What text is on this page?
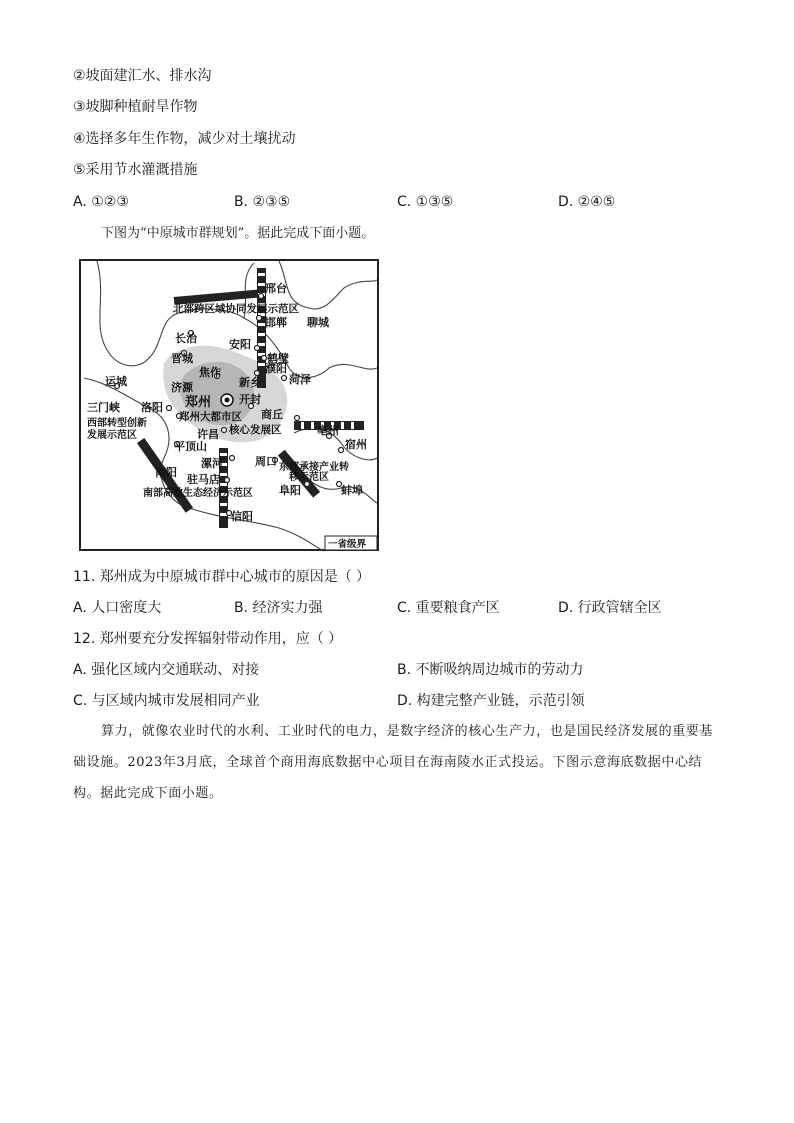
②坡面建汇水、排水沟
③坡脚种植耐旱作物
④选择多年生作物，减少对土壤扰动
⑤采用节水灌溉措施
A. ①②③	B. ②③⑤	C. ①③⑤	D. ②④⑤
下图为“中原城市群规划”。据此完成下面小题。
邢台
北部跨区域协同发展示范区
邯郸 聊城
长治	安阳
晋城	鹤壁
濮阳
焦作
新乡
运城	济源
菏泽
三门峡 洛阳 郑州	开封
西部转型创新
发展示范区
郑州大都市区 商丘
许昌 核心发展区
平顶山
亳州
宿州
南阳
漯河	周口 东部承接产业转
移示范区
驻马店
南部高效生态经济示范区 阜阳	蚌埠
信阳
一省级界
11. 郑州成为中原城市群中心城市的原因是（ ）
A. 人口密度大	B. 经济实力强	C. 重要粮食产区	D. 行政管辖全区
12. 郑州要充分发挥辐射带动作用，应（ ）
A. 强化区域内交通联动、对接	B. 不断吸纳周边城市的劳动力
C. 与区域内城市发展相同产业	D. 构建完整产业链，示范引领
算力，就像农业时代的水利、工业时代的电力，是数字经济的核心生产力，也是国民经济发展的重要基础设施。2023年3月底，全球首个商用海底数据中心项目在海南陵水正式投运。下图示意海底数据中心结构。据此完成下面小题。
